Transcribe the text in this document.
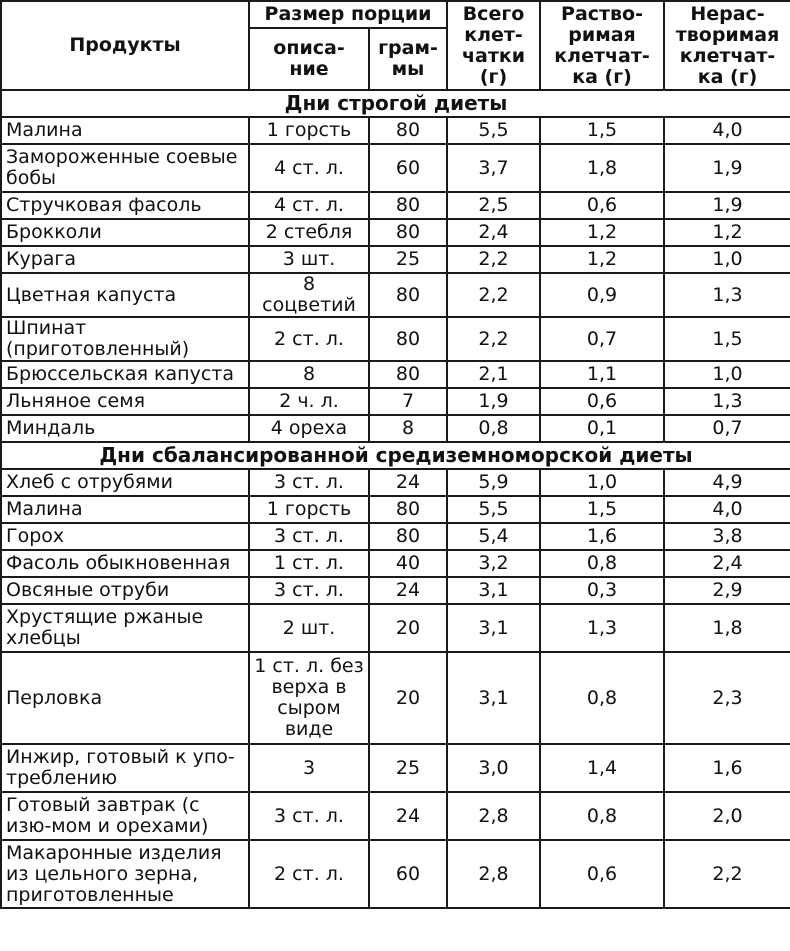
Продукты	Размер порции		Всего клет-чатки (г)	Раство-римая клетчат-ка (г)	Нерас-творимая клетчат-ка (г)
	описа-ние	грам-мы			
Дни строгой диеты					
Малина	1 горсть	80	5,5	1,5	4,0
Замороженные соевые бобы	4 ст. л.	60	3,7	1,8	1,9
Стручковая фасоль	4 ст. л.	80	2,5	0,6	1,9
Брокколи	2 стебля	80	2,4	1,2	1,2
Курага	3 шт.	25	2,2	1,2	1,0
Цветная капуста	8 соцветий	80	2,2	0,9	1,3
Шпинат (приготовленный)	2 ст. л.	80	2,2	0,7	1,5
Брюссельская капуста	8	80	2,1	1,1	1,0
Льняное семя	2 ч. л.	7	1,9	0,6	1,3
Миндаль	4 ореха	8	0,8	0,1	0,7
Дни сбалансированной средиземноморской диеты					
Хлеб с отрубями	3 ст. л.	24	5,9	1,0	4,9
Малина	1 горсть	80	5,5	1,5	4,0
Горох	3 ст. л.	80	5,4	1,6	3,8
Фасоль обыкновенная	1 ст. л.	40	3,2	0,8	2,4
Овсяные отруби	3 ст. л.	24	3,1	0,3	2,9
Хрустящие ржаные хлебцы	2 шт.	20	3,1	1,3	1,8
Перловка	1 ст. л. без верха в сыром виде	20	3,1	0,8	2,3
Инжир, готовый к упо-треблению	3	25	3,0	1,4	1,6
Готовый завтрак (с изю-мом и орехами)	3 ст. л.	24	2,8	0,8	2,0
Макаронные изделия из цельного зерна, приготовленные	2 ст. л.	60	2,8	0,6	2,2
